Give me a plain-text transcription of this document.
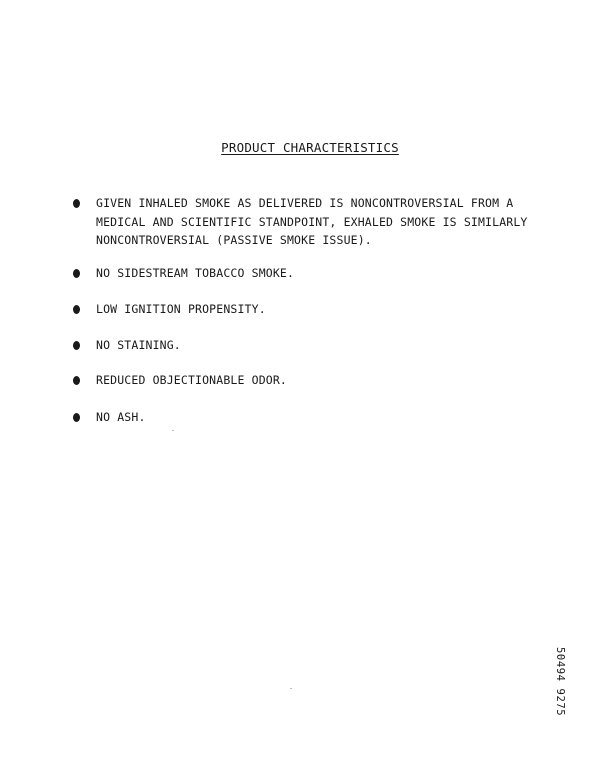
PRODUCT CHARACTERISTICS
GIVEN INHALED SMOKE AS DELIVERED IS NONCONTROVERSIAL FROM A
MEDICAL AND SCIENTIFIC STANDPOINT, EXHALED SMOKE IS SIMILARLY
NONCONTROVERSIAL (PASSIVE SMOKE ISSUE).
NO SIDESTREAM TOBACCO SMOKE.
LOW IGNITION PROPENSITY.
NO STAINING.
REDUCED OBJECTIONABLE ODOR.
NO ASH.
50494 9275
